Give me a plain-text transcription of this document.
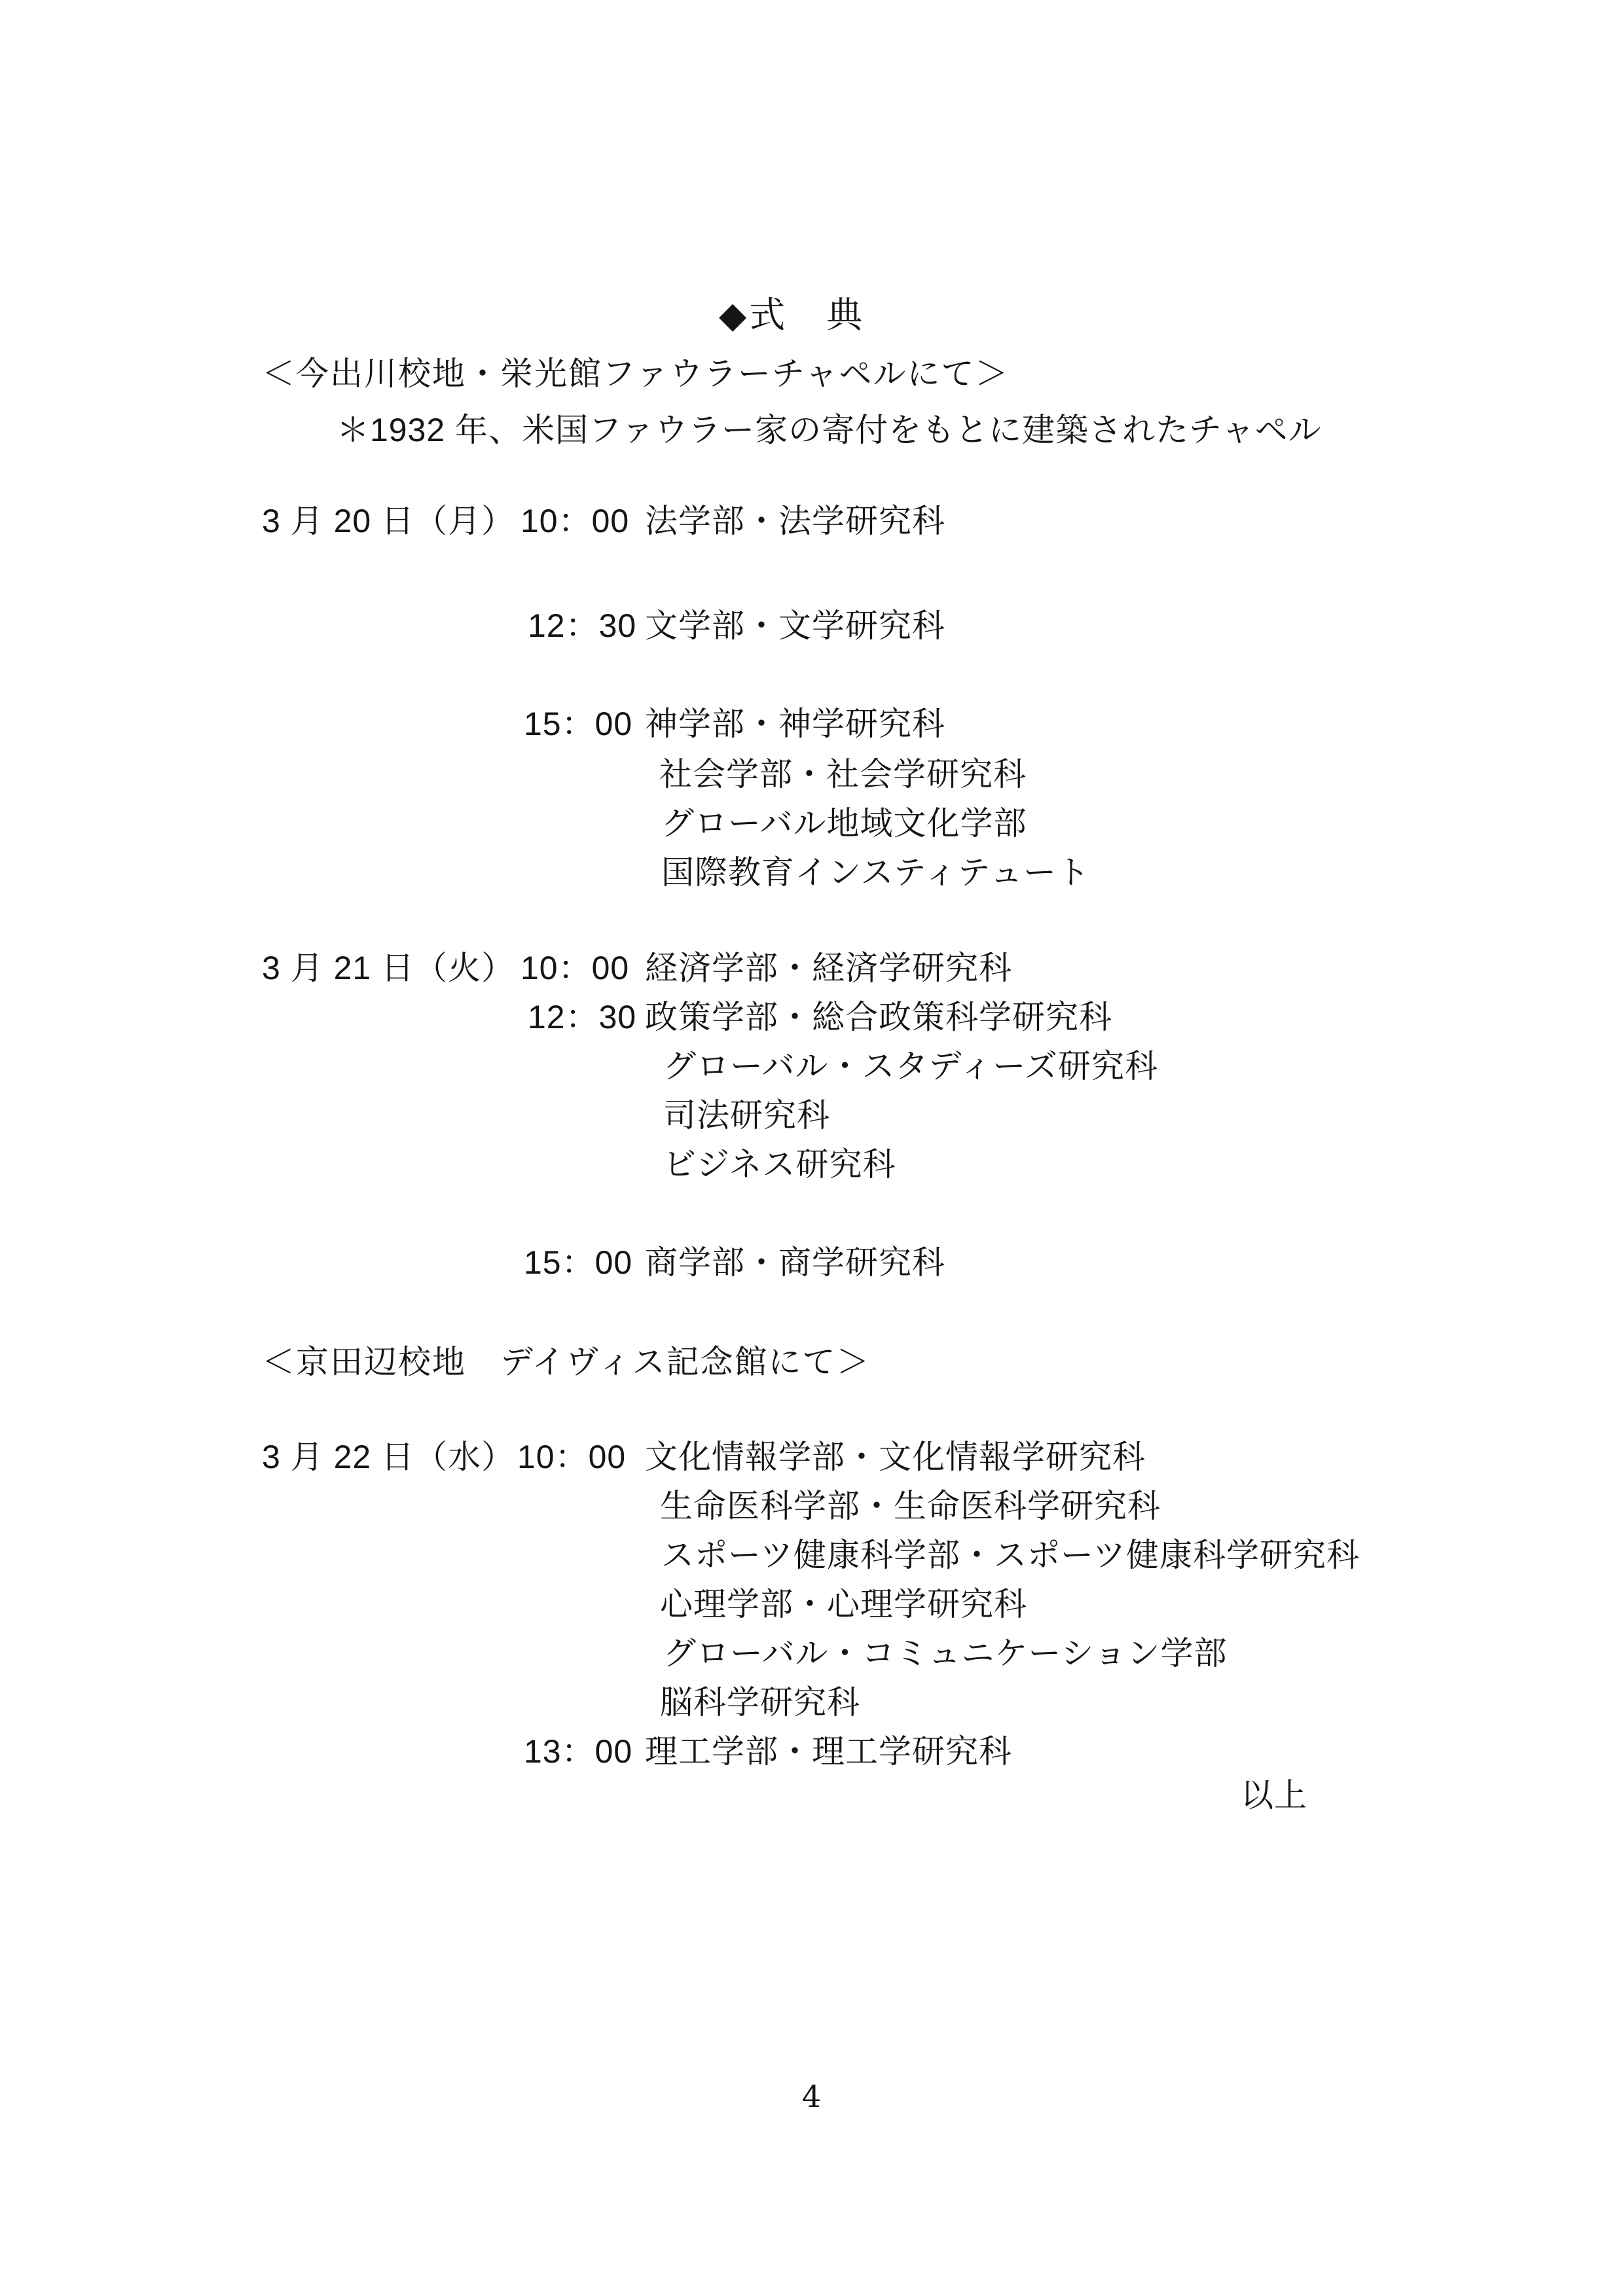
◆式　典

＜今出川校地・栄光館ファウラーチャペルにて＞

＊1932 年、米国ファウラー家の寄付をもとに建築されたチャペル

3 月 20 日（月）

10：00

法学部・法学研究科

12：30

文学部・文学研究科

15：00

神学部・神学研究科

社会学部・社会学研究科

グローバル地域文化学部

国際教育インスティテュート

3 月 21 日（火）

10：00

経済学部・経済学研究科

12：30

政策学部・総合政策科学研究科

グローバル・スタディーズ研究科

司法研究科

ビジネス研究科

15：00

商学部・商学研究科

＜京田辺校地　デイヴィス記念館にて＞

3 月 22 日（水）

10：00

文化情報学部・文化情報学研究科

生命医科学部・生命医科学研究科

スポーツ健康科学部・スポーツ健康科学研究科

心理学部・心理学研究科

グローバル・コミュニケーション学部

脳科学研究科

13：00

理工学部・理工学研究科

以上

4
